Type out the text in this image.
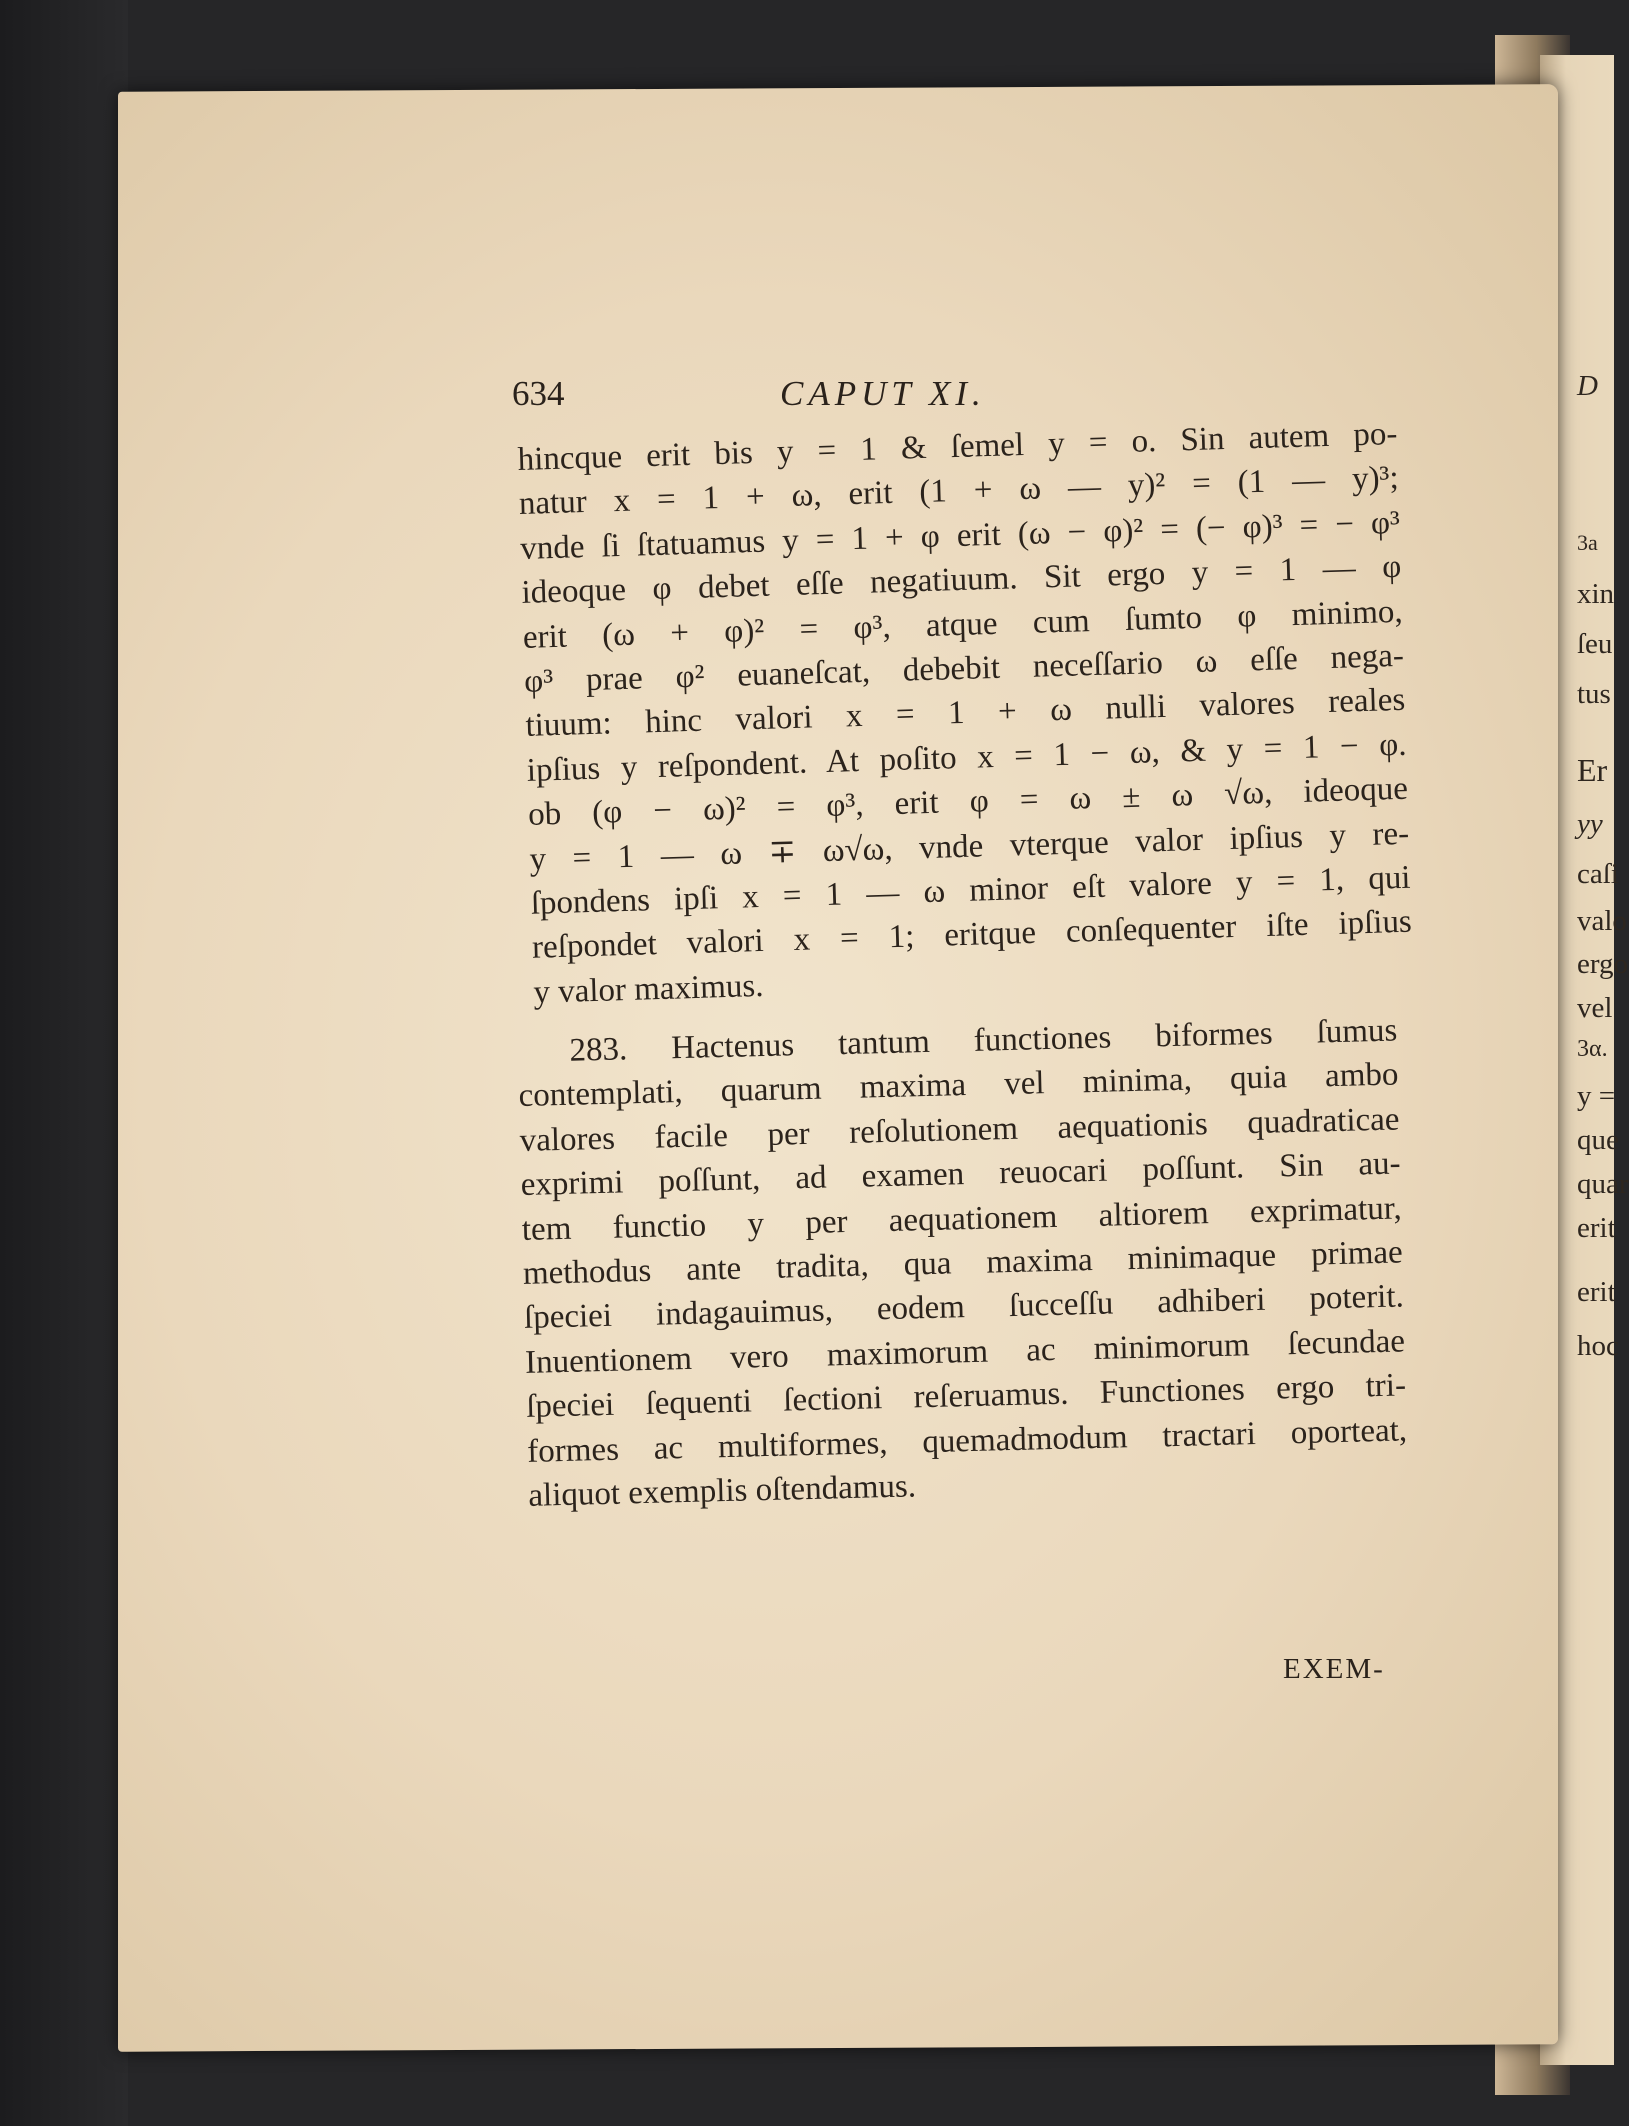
D
3a
xin
ſeu
tus
Er
yy
caſi
valo
ergo
vel
3α.
y =
que
quar
erit
erit
hoc
634	CAPUT XI.

hincque erit bis y = 1 & ſemel y = o. Sin autem po-
natur x = 1 + ω, erit (1 + ω — y)² = (1 — y)³;
vnde ſi ſtatuamus y = 1 + φ erit (ω − φ)² = (− φ)³ = − φ³
ideoque φ debet eſſe negatiuum. Sit ergo y = 1 — φ
erit (ω + φ)² = φ³, atque cum ſumto φ minimo,
φ³ prae φ² euaneſcat, debebit neceſſario ω eſſe nega-
tiuum: hinc valori x = 1 + ω nulli valores reales
ipſius y reſpondent. At poſito x = 1 − ω, & y = 1 − φ.
ob (φ − ω)² = φ³, erit φ = ω ± ω √ω, ideoque
y = 1 — ω ∓ ω√ω, vnde vterque valor ipſius y re-
ſpondens ipſi x = 1 — ω minor eſt valore y = 1, qui
reſpondet valori x = 1; eritque conſequenter iſte ipſius
y valor maximus.

283. Hactenus tantum functiones biformes ſumus
contemplati, quarum maxima vel minima, quia ambo
valores facile per reſolutionem aequationis quadraticae
exprimi poſſunt, ad examen reuocari poſſunt. Sin au-
tem functio y per aequationem altiorem exprimatur,
methodus ante tradita, qua maxima minimaque primae
ſpeciei indagauimus, eodem ſucceſſu adhiberi poterit.
Inuentionem vero maximorum ac minimorum ſecundae
ſpeciei ſequenti ſectioni reſeruamus. Functiones ergo tri-
formes ac multiformes, quemadmodum tractari oporteat,
aliquot exemplis oſtendamus.

EXEM-
